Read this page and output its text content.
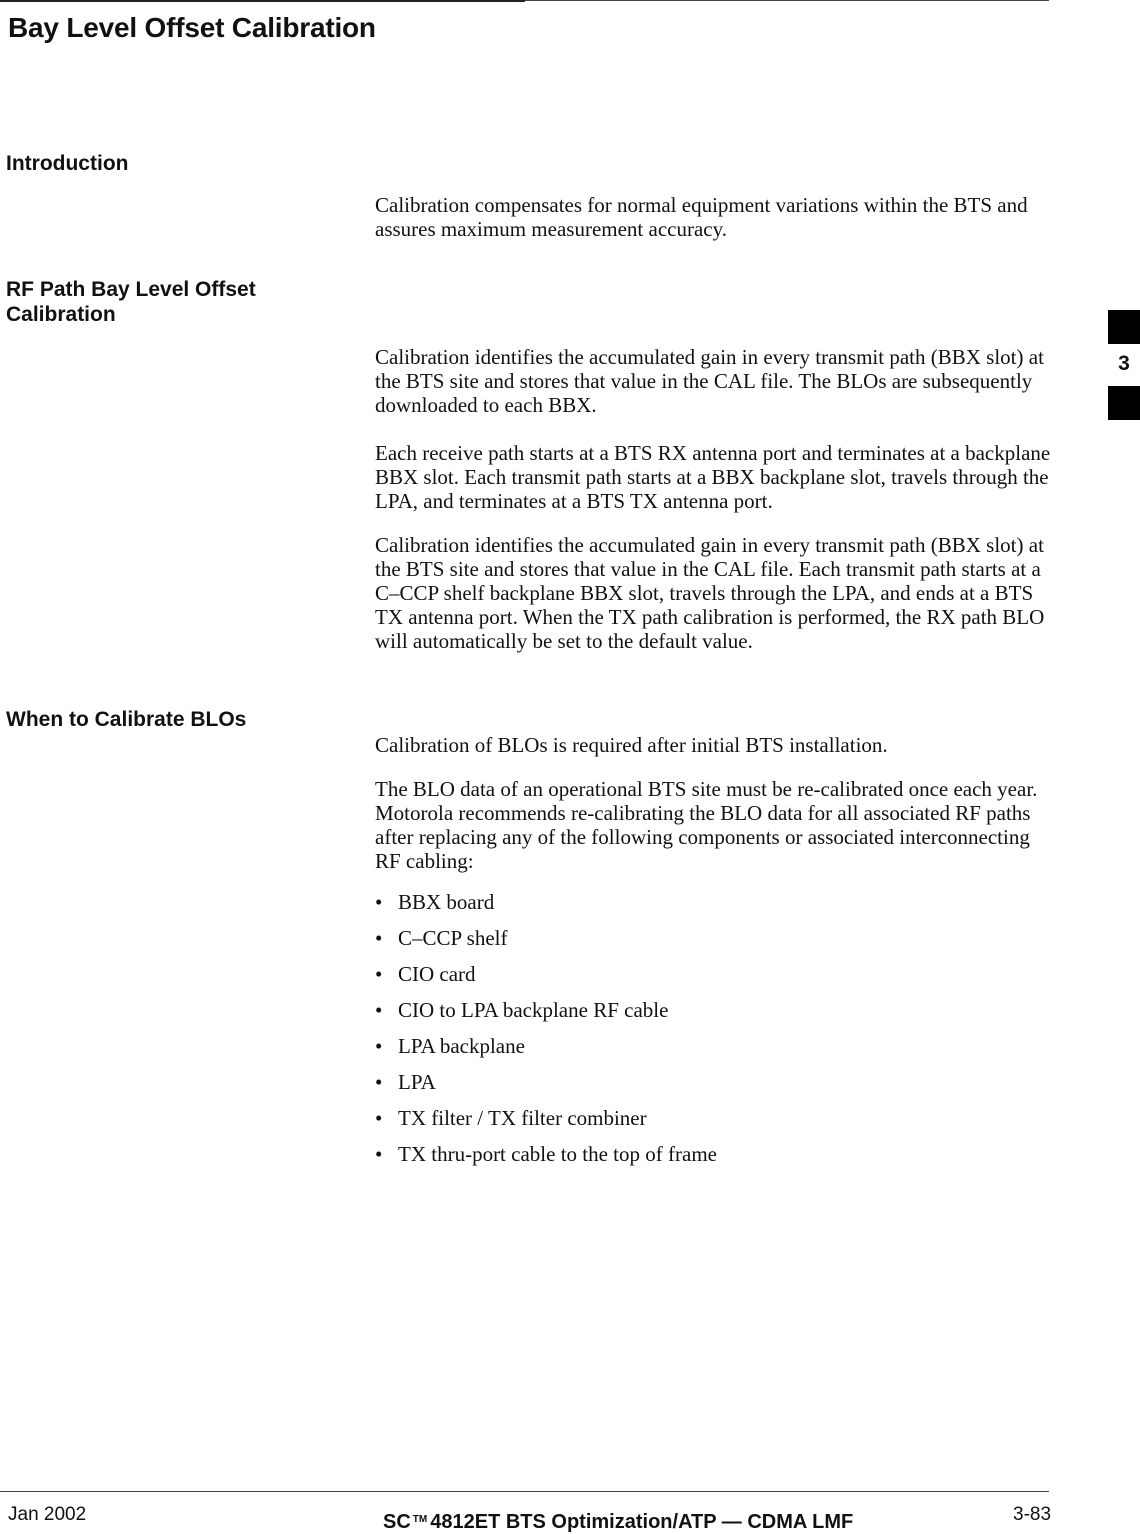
Bay Level Offset Calibration
Introduction

Calibration compensates for normal equipment variations within the BTS and assures maximum measurement accuracy.

RF Path Bay Level Offset
Calibration

Calibration identifies the accumulated gain in every transmit path (BBX slot) at the BTS site and stores that value in the CAL file. The BLOs are subsequently downloaded to each BBX.

Each receive path starts at a BTS RX antenna port and terminates at a backplane BBX slot. Each transmit path starts at a BBX backplane slot, travels through the LPA, and terminates at a BTS TX antenna port.

Calibration identifies the accumulated gain in every transmit path (BBX slot) at the BTS site and stores that value in the CAL file. Each transmit path starts at a C–CCP shelf backplane BBX slot, travels through the LPA, and ends at a BTS TX antenna port. When the TX path calibration is performed, the RX path BLO will automatically be set to the default value.

When to Calibrate BLOs

Calibration of BLOs is required after initial BTS installation.

The BLO data of an operational BTS site must be re-calibrated once each year. Motorola recommends re-calibrating the BLO data for all associated RF paths after replacing any of the following components or associated interconnecting RF cabling:

• BBX board
• C–CCP shelf
• CIO card
• CIO to LPA backplane RF cable
• LPA backplane
• LPA
• TX filter / TX filter combiner
• TX thru-port cable to the top of frame
3
Jan 2002	SC ™ 4812ET BTS Optimization/ATP — CDMA LMF	3-83
